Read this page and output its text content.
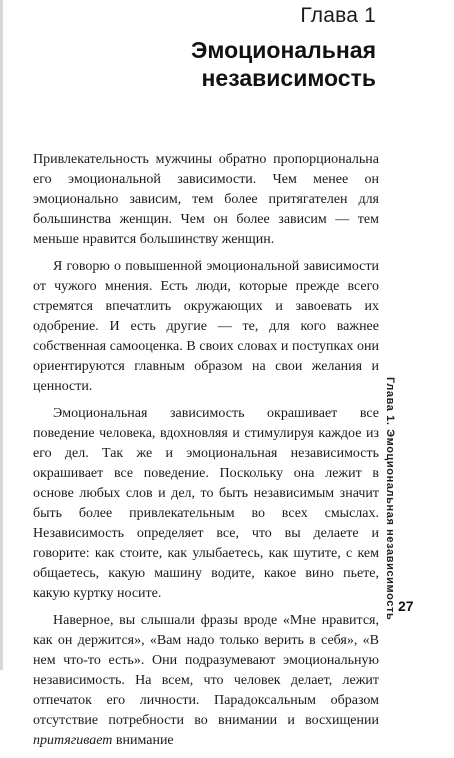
Глава 1
Эмоциональная
независимость

Привлекательность мужчины обратно пропорциональна его эмоциональной зависимости. Чем менее он эмоционально зависим, тем более притягателен для большинства женщин. Чем он более зависим — тем меньше нравится большинству женщин.

Я говорю о повышенной эмоциональной зависимости от чужого мнения. Есть люди, которые прежде всего стремятся впечатлить окружающих и завоевать их одобрение. И есть другие — те, для кого важнее собственная самооценка. В своих словах и поступках они ориентируются главным образом на свои желания и ценности.

Эмоциональная зависимость окрашивает все поведение человека, вдохновляя и стимулируя каждое из его дел. Так же и эмоциональная независимость окрашивает все поведение. Поскольку она лежит в основе любых слов и дел, то быть независимым значит быть более привлекательным во всех смыслах. Независимость определяет все, что вы делаете и говорите: как стоите, как улыбаетесь, как шутите, с кем общаетесь, какую машину водите, какое вино пьете, какую куртку носите.

Наверное, вы слышали фразы вроде «Мне нравится, как он держится», «Вам надо только верить в себя», «В нем что-то есть». Они подразумевают эмоциональную независимость. На всем, что человек делает, лежит отпечаток его личности. Парадоксальным образом отсутствие потребности во внимании и восхищении притягивает внимание

Глава 1. Эмоциональная независимость 27
